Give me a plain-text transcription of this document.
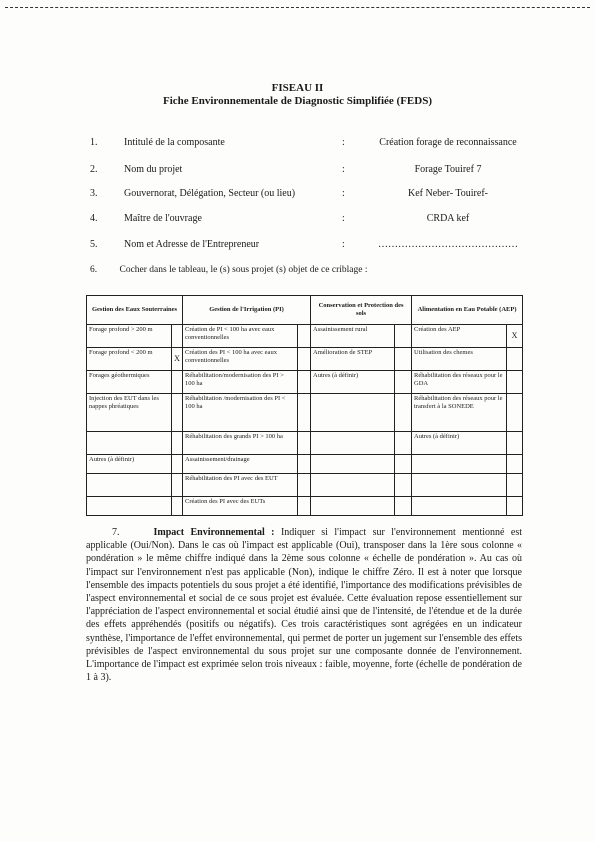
FISEAU II
Fiche Environnementale de Diagnostic Simplifiée (FEDS)
1.	Intitulé de la composante	:	Création forage de reconnaissance
2.	Nom du projet	:	Forage Touiref 7
3.	Gouvernorat, Délégation, Secteur (ou lieu)	:	Kef Neber- Touiref-
4.	Maître de l'ouvrage	:	CRDA kef
5.	Nom et Adresse de l'Entrepreneur	:	……………………………………
6. Cocher dans le tableau, le (s) sous projet (s) objet de ce criblage :
Gestion des Eaux Souterraines		Gestion de l'Irrigation (PI)		Conservation et Protection des sols		Alimentation en Eau Potable (AEP)	
Forage profond > 200 m		Création de PI < 100 ha avec eaux conventionnelles		Assainissement rural		Création des AEP	X
Forage profond < 200 m	X	Création des PI < 100 ha avec eaux conventionnelles		Amélioration de STEP		Utilisation des chemes	
Forages géothermiques		Réhabilitation/modernisation des PI > 100 ha		Autres (à définir)		Réhabilitation des réseaux pour le GDA	
Injection des EUT dans les nappes phréatiques		Réhabilitation /modernisation des PI < 100 ha				Réhabilitation des réseaux pour le transfert à la SONEDE	
		Réhabilitation des grands PI > 100 ha				Autres (à définir)	
Autres (à définir)		Assainissement/drainage					
		Réhabilitation des PI avec des EUT					
		Création des PI avec des EUTs					
7.	Impact Environnemental : Indiquer si l'impact sur l'environnement mentionné est applicable (Oui/Non). Dans le cas où l'impact est applicable (Oui), transposer dans la 1ère sous colonne « pondération » le même chiffre indiqué dans la 2ème sous colonne « échelle de pondération ». Au cas où l'impact sur l'environnement n'est pas applicable (Non), indique le chiffre Zéro. Il est à noter que lorsque l'ensemble des impacts potentiels du sous projet a été identifié, l'importance des modifications prévisibles de l'aspect environnemental et social de ce sous projet est évaluée. Cette évaluation repose essentiellement sur l'appréciation de l'aspect environnemental et social étudié ainsi que de l'intensité, de l'étendue et de la durée des effets appréhendés (positifs ou négatifs). Ces trois caractéristiques sont agrégées en un indicateur synthèse, l'importance de l'effet environnemental, qui permet de porter un jugement sur l'ensemble des effets prévisibles de l'aspect environnemental du sous projet sur une composante donnée de l'environnement. L'importance de l'impact est exprimée selon trois niveaux : faible, moyenne, forte (échelle de pondération de 1 à 3).
